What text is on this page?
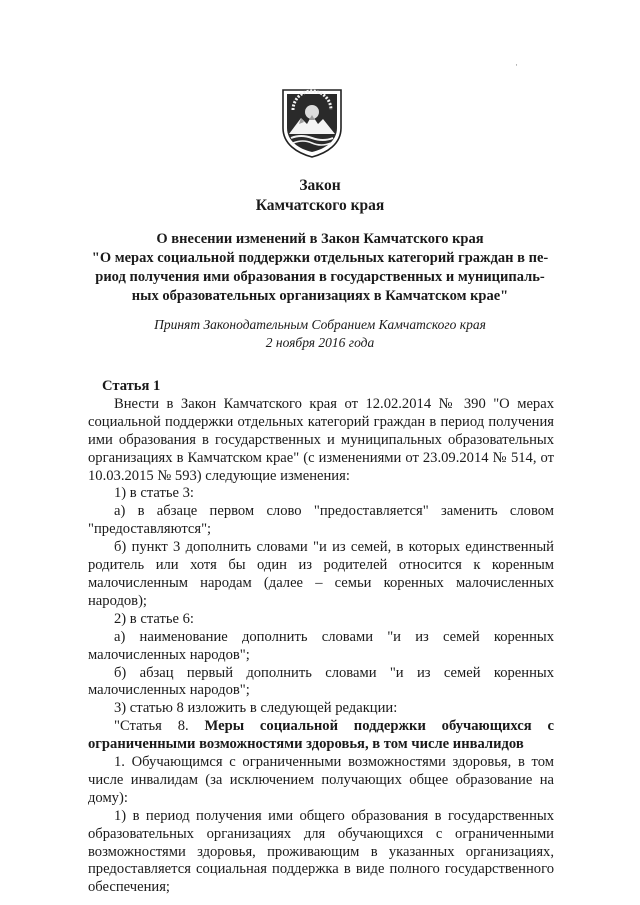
·
Закон
Камчатского края
О внесении изменений в Закон Камчатского края
"О мерах социальной поддержки отдельных категорий граждан в пе-
риод получения ими образования в государственных и муниципаль-
ных образовательных организациях в Камчатском крае"
Принят Законодательным Собранием Камчатского края
2 ноября 2016 года

Статья 1

Внести в Закон Камчатского края от 12.02.2014 № 390 "О мерах социальной поддержки отдельных категорий граждан в период получения ими образования в государственных и муниципальных образовательных организациях в Камчатском крае" (с изменениями от 23.09.2014 № 514, от 10.03.2015 № 593) следующие изменения:

1) в статье 3:

а) в абзаце первом слово "предоставляется" заменить словом "предоставляются";

б) пункт 3 дополнить словами "и из семей, в которых единственный родитель или хотя бы один из родителей относится к коренным малочисленным народам (далее – семьи коренных малочисленных народов);

2) в статье 6:

а) наименование дополнить словами "и из семей коренных малочисленных народов";

б) абзац первый дополнить словами "и из семей коренных малочисленных народов";

3) статью 8 изложить в следующей редакции:

"Статья 8. Меры социальной поддержки обучающихся с ограниченными возможностями здоровья, в том числе инвалидов

1. Обучающимся с ограниченными возможностями здоровья, в том числе инвалидам (за исключением получающих общее образование на дому):

1) в период получения ими общего образования в государственных образовательных организациях для обучающихся с ограниченными возможностями здоровья, проживающим в указанных организациях, предоставляется социальная поддержка в виде полного государственного обеспечения;
